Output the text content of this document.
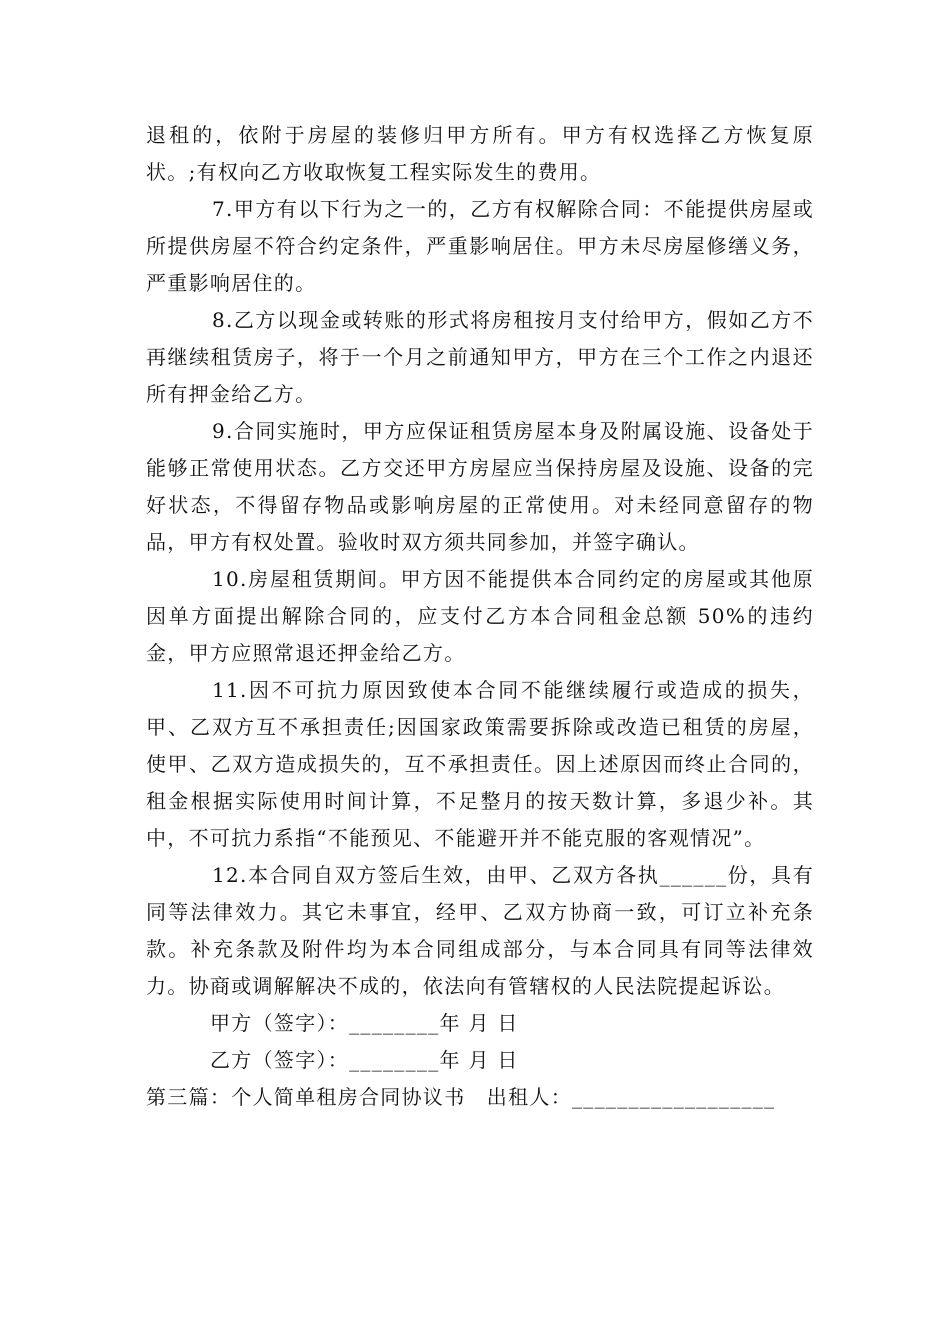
退租的，依附于房屋的装修归甲方所有。甲方有权选择乙方恢复原状。;有权向乙方收取恢复工程实际发生的费用。

7.甲方有以下行为之一的，乙方有权解除合同：不能提供房屋或所提供房屋不符合约定条件，严重影响居住。甲方未尽房屋修缮义务，严重影响居住的。

8.乙方以现金或转账的形式将房租按月支付给甲方，假如乙方不再继续租赁房子，将于一个月之前通知甲方，甲方在三个工作之内退还所有押金给乙方。

9.合同实施时，甲方应保证租赁房屋本身及附属设施、设备处于能够正常使用状态。乙方交还甲方房屋应当保持房屋及设施、设备的完好状态，不得留存物品或影响房屋的正常使用。对未经同意留存的物品，甲方有权处置。验收时双方须共同参加，并签字确认。

10.房屋租赁期间。甲方因不能提供本合同约定的房屋或其他原因单方面提出解除合同的，应支付乙方本合同租金总额 50%的违约金，甲方应照常退还押金给乙方。

11.因不可抗力原因致使本合同不能继续履行或造成的损失，甲、乙双方互不承担责任;因国家政策需要拆除或改造已租赁的房屋，使甲、乙双方造成损失的，互不承担责任。因上述原因而终止合同的，租金根据实际使用时间计算，不足整月的按天数计算，多退少补。其中，不可抗力系指“不能预见、不能避开并不能克服的客观情况”。

12.本合同自双方签后生效，由甲、乙双方各执______份，具有同等法律效力。其它未事宜，经甲、乙双方协商一致，可订立补充条款。补充条款及附件均为本合同组成部分，与本合同具有同等法律效力。协商或调解解决不成的，依法向有管辖权的人民法院提起诉讼。

甲方（签字）：________年 月 日

乙方（签字）：________年 月 日

第三篇：个人简单租房合同协议书　出租人：__________________
